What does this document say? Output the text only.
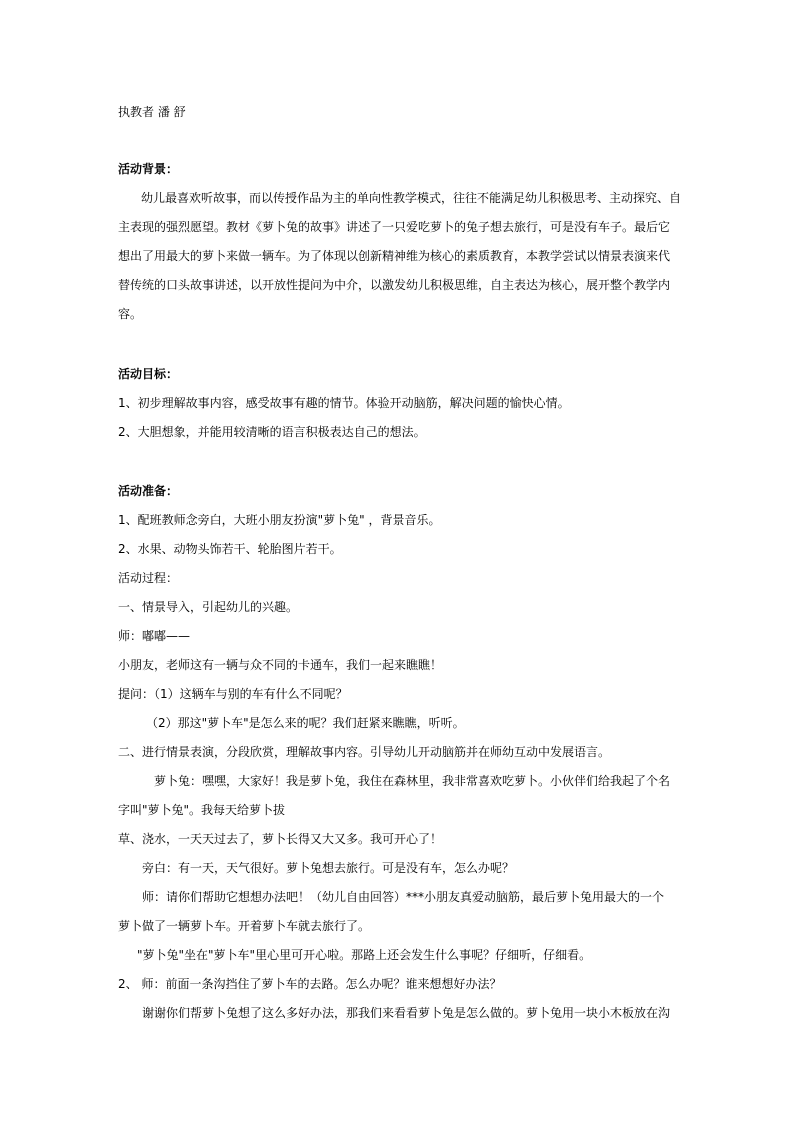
执教者 潘 舒
活动背景：
幼儿最喜欢听故事，而以传授作品为主的单向性教学模式，往往不能满足幼儿积极思考、主动探究、自
主表现的强烈愿望。教材《萝卜兔的故事》讲述了一只爱吃萝卜的兔子想去旅行，可是没有车子。最后它
想出了用最大的萝卜来做一辆车。为了体现以创新精神维为核心的素质教育，本教学尝试以情景表演来代
替传统的口头故事讲述，以开放性提问为中介，以激发幼儿积极思维，自主表达为核心，展开整个教学内
容。
活动目标：
1、初步理解故事内容，感受故事有趣的情节。体验开动脑筋，解决问题的愉快心情。
2、大胆想象，并能用较清晰的语言积极表达自己的想法。
活动准备：
1、配班教师念旁白，大班小朋友扮演"萝卜兔" ，背景音乐。
2、水果、动物头饰若干、轮胎图片若干。
活动过程：
一、情景导入，引起幼儿的兴趣。
师：嘟嘟——
小朋友，老师这有一辆与众不同的卡通车，我们一起来瞧瞧！
提问：（1）这辆车与别的车有什么不同呢？
（2）那这"萝卜车"是怎么来的呢？我们赶紧来瞧瞧，听听。
二、进行情景表演，分段欣赏，理解故事内容。引导幼儿开动脑筋并在师幼互动中发展语言。
萝卜兔：嘿嘿，大家好！我是萝卜兔，我住在森林里，我非常喜欢吃萝卜。小伙伴们给我起了个名
字叫"萝卜兔"。我每天给萝卜拔
草、浇水，一天天过去了，萝卜长得又大又多。我可开心了！
旁白：有一天，天气很好。萝卜兔想去旅行。可是没有车，怎么办呢？
师：请你们帮助它想想办法吧！（幼儿自由回答）***小朋友真爱动脑筋，最后萝卜兔用最大的一个
萝卜做了一辆萝卜车。开着萝卜车就去旅行了。
"萝卜兔"坐在"萝卜车"里心里可开心啦。那路上还会发生什么事呢？仔细听，仔细看。
2、 师：前面一条沟挡住了萝卜车的去路。怎么办呢？谁来想想好办法？
谢谢你们帮萝卜兔想了这么多好办法，那我们来看看萝卜兔是怎么做的。萝卜兔用一块小木板放在沟
